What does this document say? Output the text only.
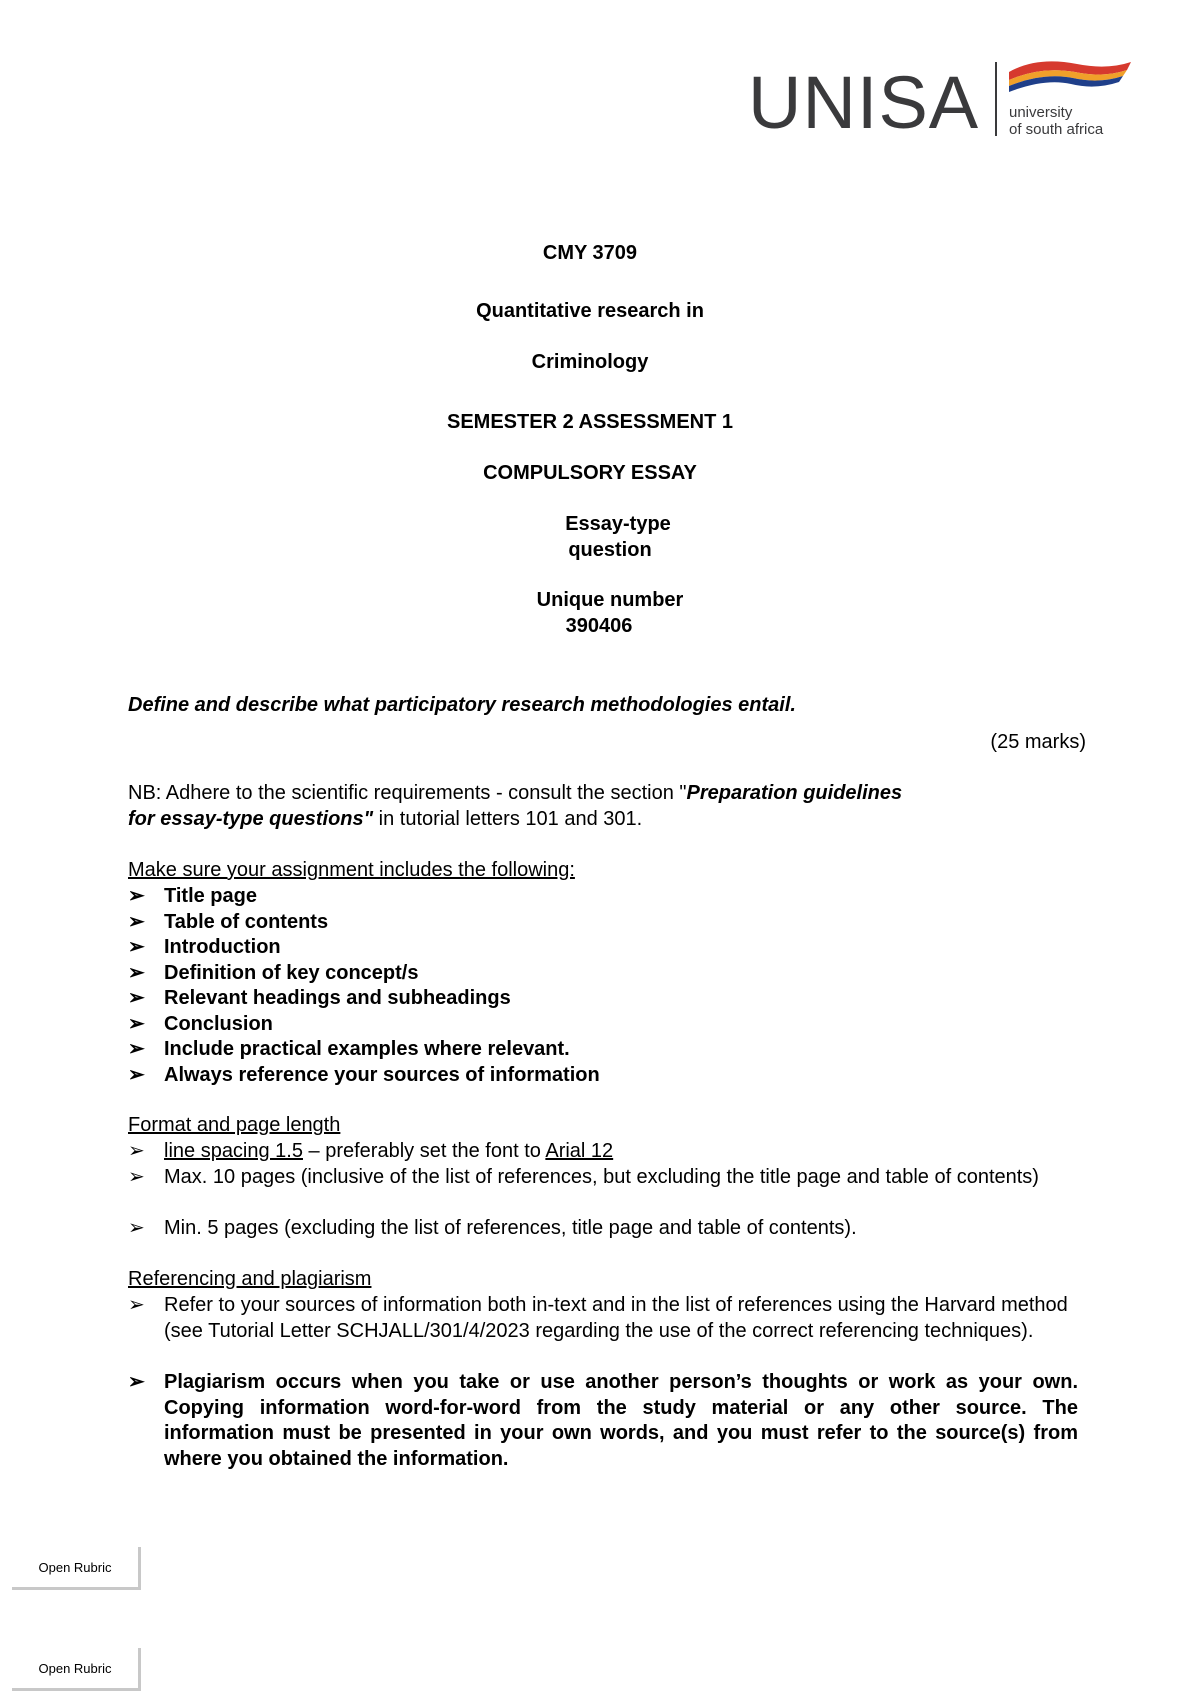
UNISA university
of south africa
CMY 3709
Quantitative research in
Criminology
SEMESTER 2 ASSESSMENT 1
COMPULSORY ESSAY
Essay-type
question
Unique number
390406
Define and describe what participatory research methodologies entail.
(25 marks)
NB: Adhere to the scientific requirements - consult the section "Preparation guidelines
for essay-type questions" in tutorial letters 101 and 301.
Make sure your assignment includes the following:
➢ Title page
➢ Table of contents
➢ Introduction
➢ Definition of key concept/s
➢ Relevant headings and subheadings
➢ Conclusion
➢ Include practical examples where relevant.
➢ Always reference your sources of information
Format and page length
➢ line spacing 1.5 – preferably set the font to Arial 12
➢ Max. 10 pages (inclusive of the list of references, but excluding the title page and table of contents)
➢ Min. 5 pages (excluding the list of references, title page and table of contents).
Referencing and plagiarism
➢ Refer to your sources of information both in-text and in the list of references using the Harvard method (see Tutorial Letter SCHJALL/301/4/2023 regarding the use of the correct referencing techniques).
➢ Plagiarism occurs when you take or use another person’s thoughts or work as your own. Copying information word-for-word from the study material or any other source. The information must be presented in your own words, and you must refer to the source(s) from where you obtained the information.
Open Rubric
Open Rubric
